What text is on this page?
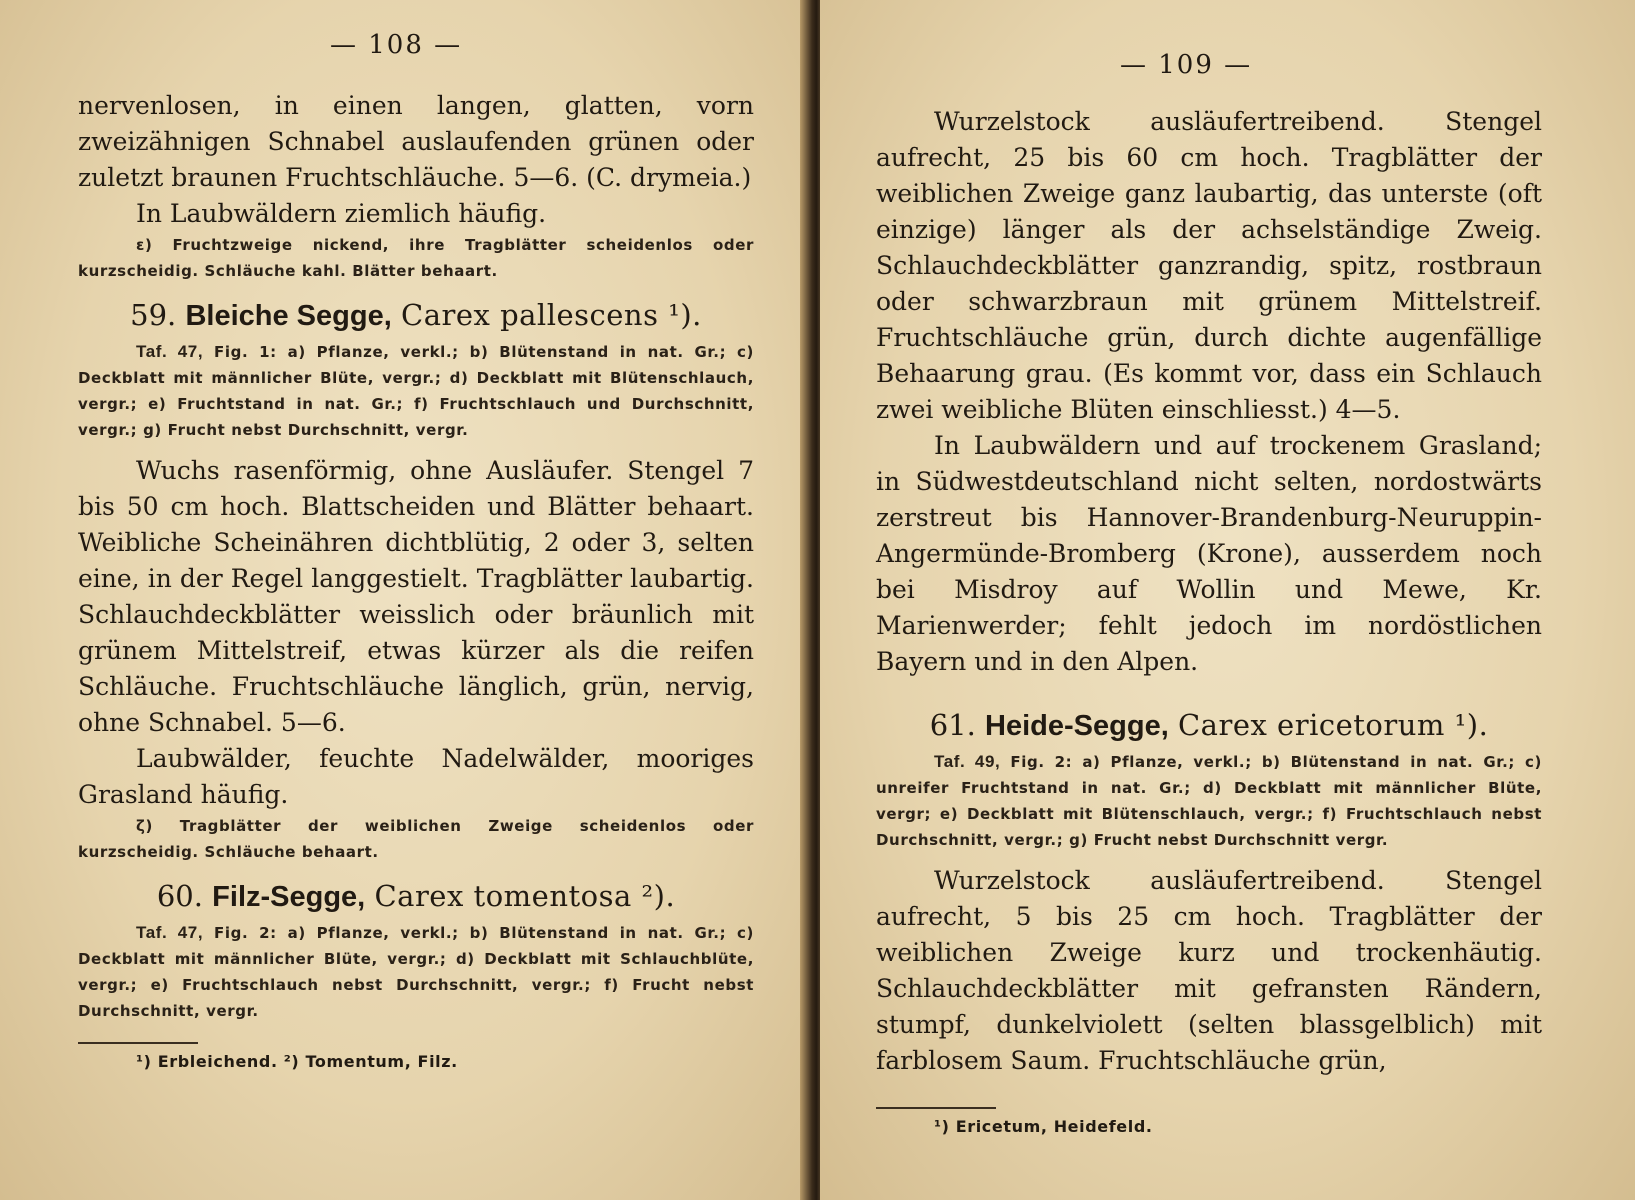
— 108 —

nervenlosen, in einen langen, glatten, vorn zweizähnigen Schnabel auslaufenden grünen oder zuletzt braunen Fruchtschläuche. 5—6. (C. drymeia.)

In Laubwäldern ziemlich häufig.

ε) Fruchtzweige nickend, ihre Tragblätter scheidenlos oder kurzscheidig. Schläuche kahl. Blätter behaart.

59. Bleiche Segge, Carex pallescens ¹).

Taf. 47, Fig. 1: a) Pflanze, verkl.; b) Blütenstand in nat. Gr.; c) Deckblatt mit männlicher Blüte, vergr.; d) Deckblatt mit Blütenschlauch, vergr.; e) Fruchtstand in nat. Gr.; f) Fruchtschlauch und Durchschnitt, vergr.; g) Frucht nebst Durchschnitt, vergr.

Wuchs rasenförmig, ohne Ausläufer. Stengel 7 bis 50 cm hoch. Blattscheiden und Blätter behaart. Weibliche Scheinähren dichtblütig, 2 oder 3, selten eine, in der Regel langgestielt. Tragblätter laubartig. Schlauchdeckblätter weisslich oder bräunlich mit grünem Mittelstreif, etwas kürzer als die reifen Schläuche. Fruchtschläuche länglich, grün, nervig, ohne Schnabel. 5—6.

Laubwälder, feuchte Nadelwälder, mooriges Grasland häufig.

ζ) Tragblätter der weiblichen Zweige scheidenlos oder kurzscheidig. Schläuche behaart.

60. Filz-Segge, Carex tomentosa ²).

Taf. 47, Fig. 2: a) Pflanze, verkl.; b) Blütenstand in nat. Gr.; c) Deckblatt mit männlicher Blüte, vergr.; d) Deckblatt mit Schlauchblüte, vergr.; e) Fruchtschlauch nebst Durchschnitt, vergr.; f) Frucht nebst Durchschnitt, vergr.

¹) Erbleichend. ²) Tomentum, Filz.

— 109 —

Wurzelstock ausläufertreibend. Stengel aufrecht, 25 bis 60 cm hoch. Tragblätter der weiblichen Zweige ganz laubartig, das unterste (oft einzige) länger als der achselständige Zweig. Schlauchdeckblätter ganzrandig, spitz, rostbraun oder schwarzbraun mit grünem Mittelstreif. Fruchtschläuche grün, durch dichte augenfällige Behaarung grau. (Es kommt vor, dass ein Schlauch zwei weibliche Blüten einschliesst.) 4—5.

In Laubwäldern und auf trockenem Grasland; in Südwestdeutschland nicht selten, nordostwärts zerstreut bis Hannover-Brandenburg-Neuruppin-Angermünde-Bromberg (Krone), ausserdem noch bei Misdroy auf Wollin und Mewe, Kr. Marienwerder; fehlt jedoch im nordöstlichen Bayern und in den Alpen.

61. Heide-Segge, Carex ericetorum ¹).

Taf. 49, Fig. 2: a) Pflanze, verkl.; b) Blütenstand in nat. Gr.; c) unreifer Fruchtstand in nat. Gr.; d) Deckblatt mit männlicher Blüte, vergr; e) Deckblatt mit Blütenschlauch, vergr.; f) Fruchtschlauch nebst Durchschnitt, vergr.; g) Frucht nebst Durchschnitt vergr.

Wurzelstock ausläufertreibend. Stengel aufrecht, 5 bis 25 cm hoch. Tragblätter der weiblichen Zweige kurz und trockenhäutig. Schlauchdeckblätter mit gefransten Rändern, stumpf, dunkelviolett (selten blassgelblich) mit farblosem Saum. Fruchtschläuche grün,

¹) Ericetum, Heidefeld.
